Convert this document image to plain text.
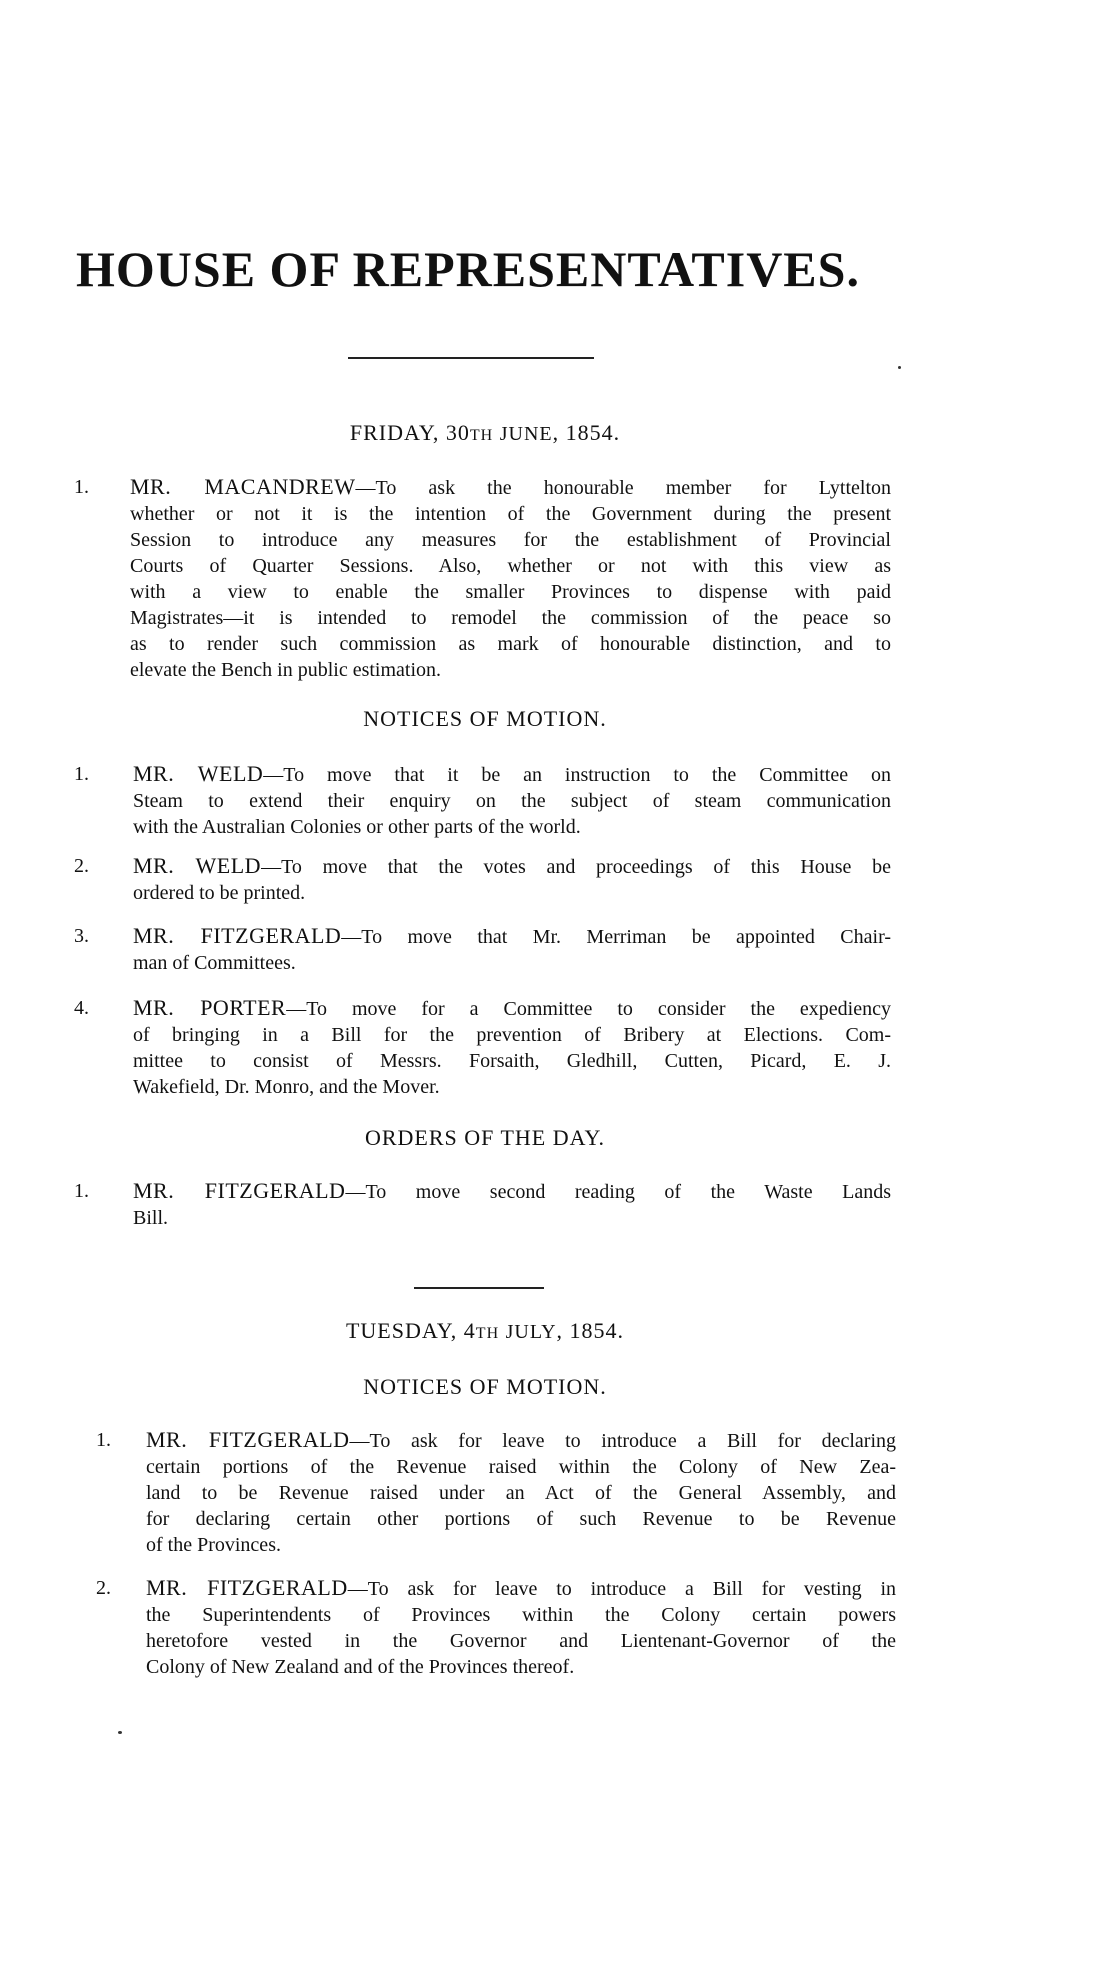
HOUSE OF REPRESENTATIVES.

FRIDAY, 30TH JUNE, 1854.

1. MR. MACANDREW—To ask the honourable member for Lyttelton
whether or not it is the intention of the Government during the present
Session to introduce any measures for the establishment of Provincial
Courts of Quarter Sessions. Also, whether or not with this view as
with a view to enable the smaller Provinces to dispense with paid
Magistrates—it is intended to remodel the commission of the peace so
as to render such commission as mark of honourable distinction, and to
elevate the Bench in public estimation.

NOTICES OF MOTION.

1. MR. WELD—To move that it be an instruction to the Committee on
Steam to extend their enquiry on the subject of steam communication
with the Australian Colonies or other parts of the world.
2. MR. WELD—To move that the votes and proceedings of this House be
ordered to be printed.
3. MR. FITZGERALD—To move that Mr. Merriman be appointed Chair-
man of Committees.
4. MR. PORTER—To move for a Committee to consider the expediency
of bringing in a Bill for the prevention of Bribery at Elections. Com-
mittee to consist of Messrs. Forsaith, Gledhill, Cutten, Picard, E. J.
Wakefield, Dr. Monro, and the Mover.

ORDERS OF THE DAY.

1. MR. FITZGERALD—To move second reading of the Waste Lands
Bill.

TUESDAY, 4TH JULY, 1854.

NOTICES OF MOTION.

1. MR. FITZGERALD—To ask for leave to introduce a Bill for declaring
certain portions of the Revenue raised within the Colony of New Zea-
land to be Revenue raised under an Act of the General Assembly, and
for declaring certain other portions of such Revenue to be Revenue
of the Provinces.
2. MR. FITZGERALD—To ask for leave to introduce a Bill for vesting in
the Superintendents of Provinces within the Colony certain powers
heretofore vested in the Governor and Lientenant-Governor of the
Colony of New Zealand and of the Provinces thereof.
